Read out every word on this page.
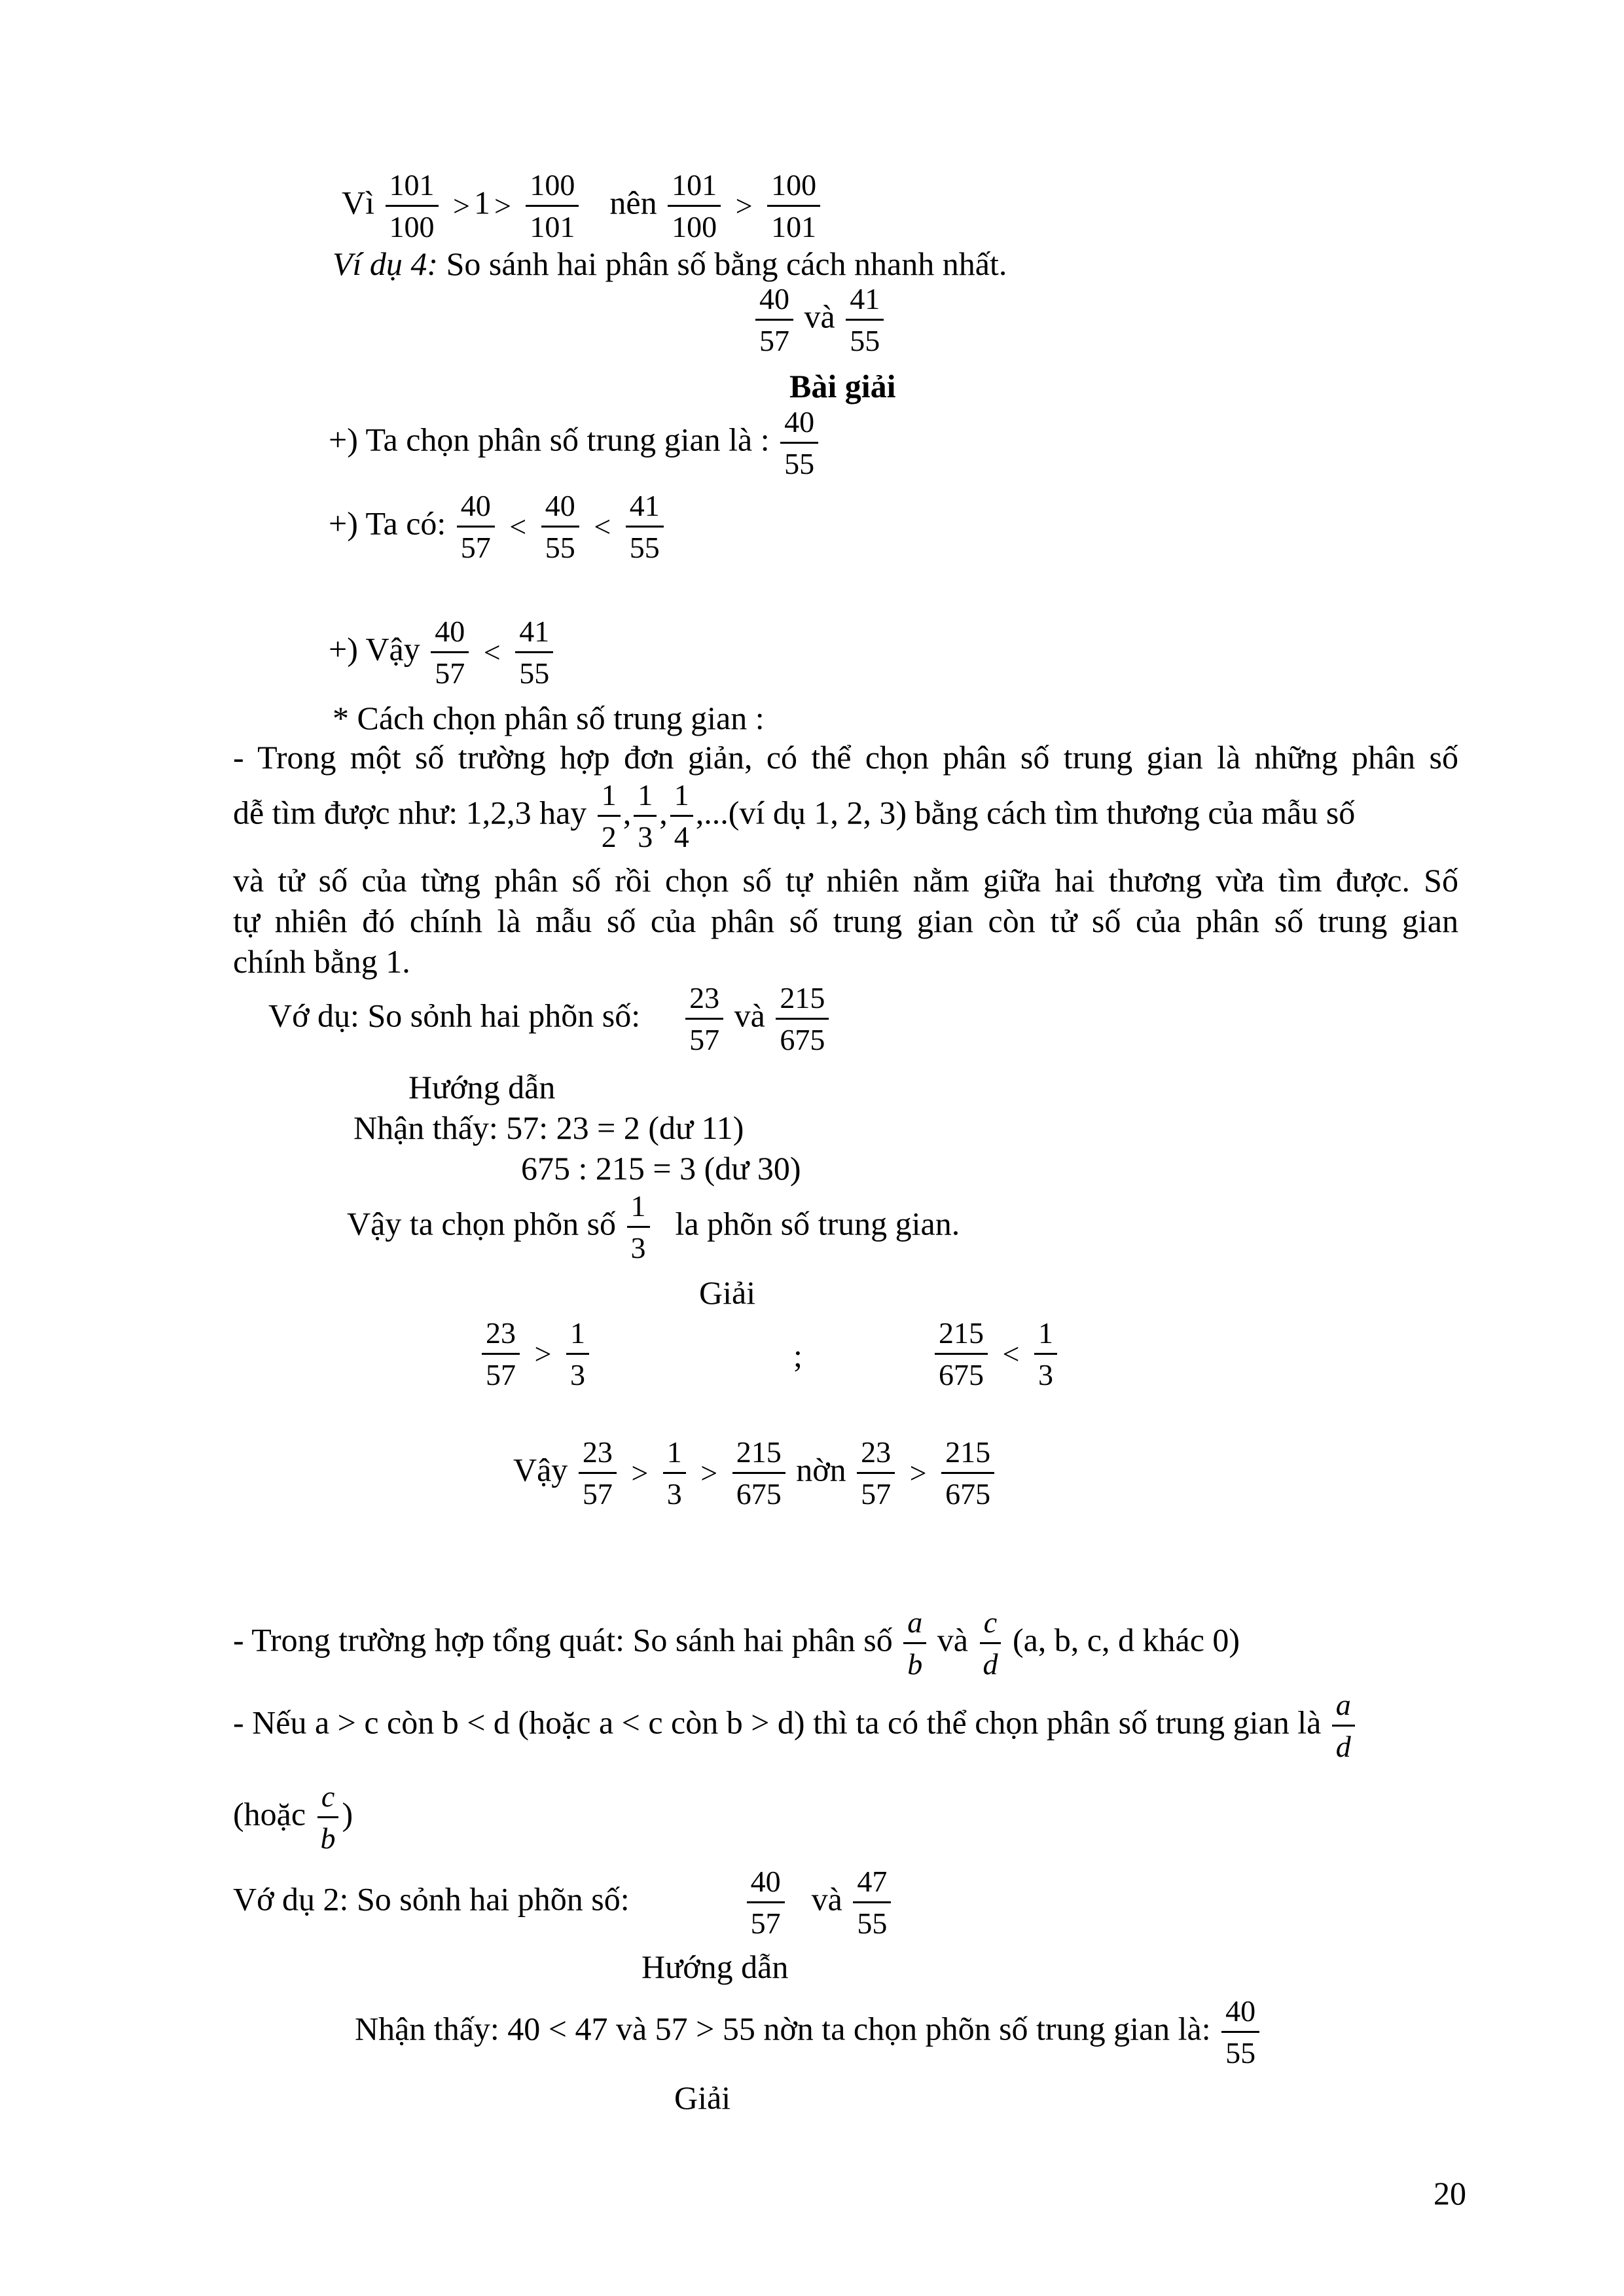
Vì $\frac{101}{100} > 1 > \frac{100}{101}$ nên $\frac{101}{100} > \frac{100}{101}$
Ví dụ 4: So sánh hai phân số bằng cách nhanh nhất.
$\frac{40}{57}$ và $\frac{41}{55}$
Bài giải
+) Ta chọn phân số trung gian là : $\frac{40}{55}$
+) Ta có: $\frac{40}{57} < \frac{40}{55} < \frac{41}{55}$
+) Vậy $\frac{40}{57} < \frac{41}{55}$
* Cách chọn phân số trung gian :
- Trong một số trường hợp đơn giản, có thể chọn phân số trung gian là những phân số
dễ tìm được như: 1,2,3 hay $\frac{1}{2}$ , $\frac{1}{3}$ , $\frac{1}{4}$ ,...(ví dụ 1, 2, 3) bằng cách tìm thương của mẫu số
và tử số của từng phân số rồi chọn số tự nhiên nằm giữa hai thương vừa tìm được. Số
tự nhiên đó chính là mẫu số của phân số trung gian còn tử số của phân số trung gian
chính bằng 1.
Vớ dụ: So sỏnh hai phõn số: $\frac{23}{57}$ và $\frac{215}{675}$
Hướng dẫn
Nhận thấy: 57: 23 = 2 (dư 11)
675 : 215 = 3 (dư 30)
Vậy ta chọn phõn số $\frac{1}{3}$ la phõn số trung gian.
Giải
$\frac{23}{57} > \frac{1}{3}$	;	$\frac{215}{675} < \frac{1}{3}$
Vậy $\frac{23}{57} > \frac{1}{3} > \frac{215}{675}$ nờn $\frac{23}{57} > \frac{215}{675}$
- Trong trường hợp tổng quát: So sánh hai phân số $\frac{a}{b}$ và $\frac{c}{d} (a$, b, c, d khác 0)
- Nếu a > c còn b < d (hoặc a < c còn b > d) thì ta có thể chọn phân số trung gian là $\frac{a}{d}$
(hoặc $\frac{c}{b}$ )
Vớ dụ 2: So sỏnh hai phõn số:	$\frac{40}{57}$ và $\frac{47}{55}$
Hướng dẫn
Nhận thấy: 40 < 47 và 57 > 55 nờn ta chọn phõn số trung gian là: $\frac{40}{55}$
Giải
20
